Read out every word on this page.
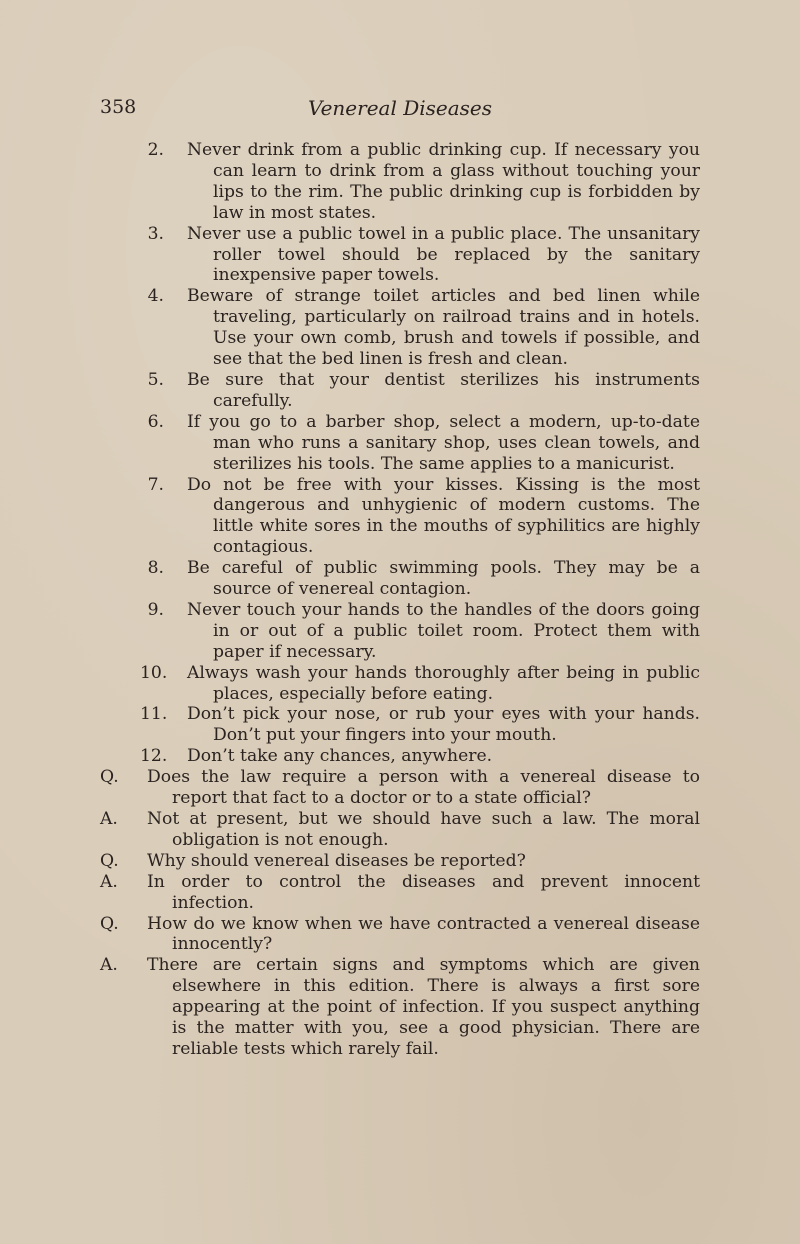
358	Venereal Diseases
2. Never drink from a public drinking cup. If necessary you can learn to drink from a glass without touching your lips to the rim. The public drinking cup is forbidden by law in most states.
3. Never use a public towel in a public place. The unsanitary roller towel should be replaced by the sanitary inexpensive paper towels.
4. Beware of strange toilet articles and bed linen while traveling, particularly on railroad trains and in hotels. Use your own comb, brush and towels if possible, and see that the bed linen is fresh and clean.
5. Be sure that your dentist sterilizes his instruments carefully.
6. If you go to a barber shop, select a modern, up-to-date man who runs a sanitary shop, uses clean towels, and sterilizes his tools. The same applies to a manicurist.
7. Do not be free with your kisses. Kissing is the most dangerous and unhygienic of modern customs. The little white sores in the mouths of syphilitics are highly contagious.
8. Be careful of public swimming pools. They may be a source of venereal contagion.
9. Never touch your hands to the handles of the doors going in or out of a public toilet room. Protect them with paper if necessary.
10. Always wash your hands thoroughly after being in public places, especially before eating.
11. Don’t pick your nose, or rub your eyes with your hands. Don’t put your fingers into your mouth.
12. Don’t take any chances, anywhere.
Q.	Does the law require a person with a venereal disease to report that fact to a doctor or to a state official?
A.	Not at present, but we should have such a law. The moral obligation is not enough.
Q.	Why should venereal diseases be reported?
A.	In order to control the diseases and prevent innocent infection.
Q.	How do we know when we have contracted a venereal disease innocently?
A.	There are certain signs and symptoms which are given elsewhere in this edition. There is always a first sore appearing at the point of infection. If you suspect anything is the matter with you, see a good physician. There are reliable tests which rarely fail.
